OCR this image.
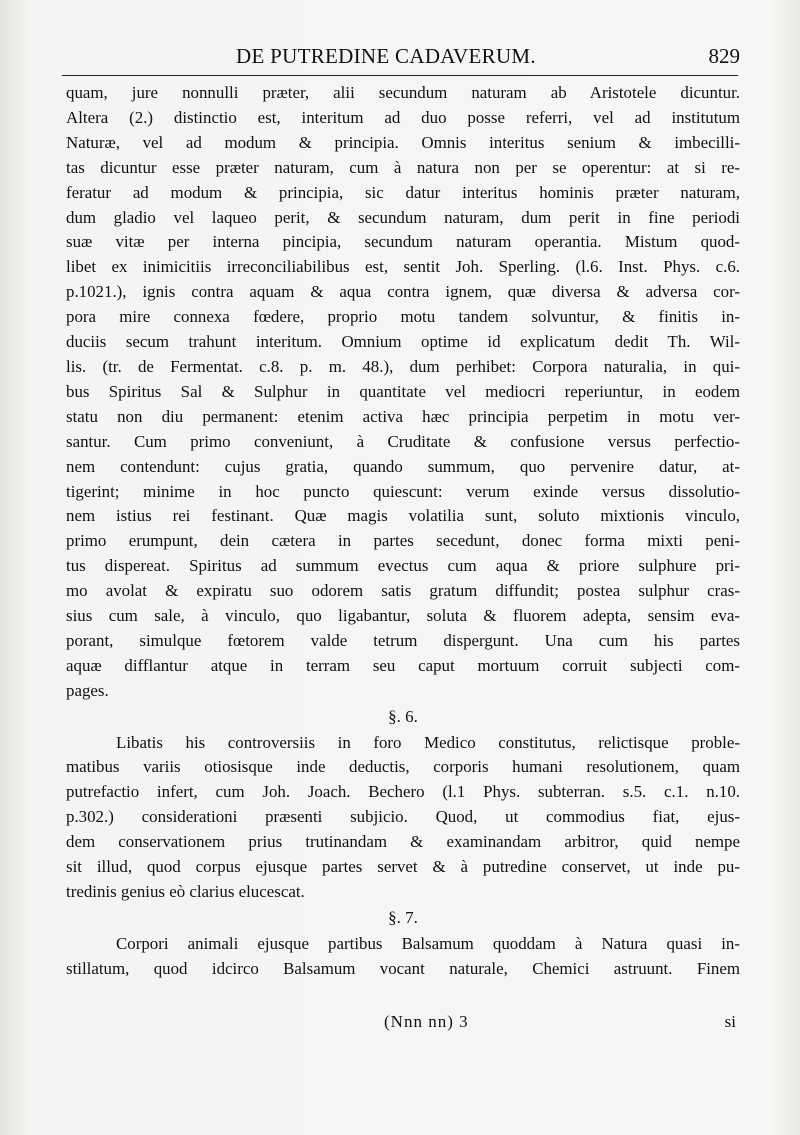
DE PUTREDINE CADAVERUM.	829
quam, jure nonnulli præter, alii secundum naturam ab Aristotele dicuntur.
Altera (2.) distinctio est, interitum ad duo posse referri, vel ad institutum
Naturæ, vel ad modum & principia. Omnis interitus senium & imbecilli-
tas dicuntur esse præter naturam, cum à natura non per se operentur: at si re-
feratur ad modum & principia, sic datur interitus hominis præter naturam,
dum gladio vel laqueo perit, & secundum naturam, dum perit in fine periodi
suæ vitæ per interna pincipia, secundum naturam operantia. Mistum quod-
libet ex inimicitiis irreconciliabilibus est, sentit Joh. Sperling. (l.6. Inst. Phys. c.6.
p.1021.), ignis contra aquam & aqua contra ignem, quæ diversa & adversa cor-
pora mire connexa fœdere, proprio motu tandem solvuntur, & finitis in-
duciis secum trahunt interitum. Omnium optime id explicatum dedit Th. Wil-
lis. (tr. de Fermentat. c.8. p. m. 48.), dum perhibet: Corpora naturalia, in qui-
bus Spiritus Sal & Sulphur in quantitate vel mediocri reperiuntur, in eodem
statu non diu permanent: etenim activa hæc principia perpetim in motu ver-
santur. Cum primo conveniunt, à Cruditate & confusione versus perfectio-
nem contendunt: cujus gratia, quando summum, quo pervenire datur, at-
tigerint; minime in hoc puncto quiescunt: verum exinde versus dissolutio-
nem istius rei festinant. Quæ magis volatilia sunt, soluto mixtionis vinculo,
primo erumpunt, dein cætera in partes secedunt, donec forma mixti peni-
tus dispereat. Spiritus ad summum evectus cum aqua & priore sulphure pri-
mo avolat & expiratu suo odorem satis gratum diffundit; postea sulphur cras-
sius cum sale, à vinculo, quo ligabantur, soluta & fluorem adepta, sensim eva-
porant, simulque fœtorem valde tetrum dispergunt. Una cum his partes
aquæ difflantur atque in terram seu caput mortuum corruit subjecti com-
pages.
§. 6.
Libatis his controversiis in foro Medico constitutus, relictisque proble-
matibus variis otiosisque inde deductis, corporis humani resolutionem, quam
putrefactio infert, cum Joh. Joach. Bechero (l.1 Phys. subterran. s.5. c.1. n.10.
p.302.) considerationi præsenti subjicio. Quod, ut commodius fiat, ejus-
dem conservationem prius trutinandam & examinandam arbitror, quid nempe
sit illud, quod corpus ejusque partes servet & à putredine conservet, ut inde pu-
tredinis genius eò clarius elucescat.
§. 7.
Corpori animali ejusque partibus Balsamum quoddam à Natura quasi in-
stillatum, quod idcirco Balsamum vocant naturale, Chemici astruunt. Finem
(Nnn nn) 3	si
